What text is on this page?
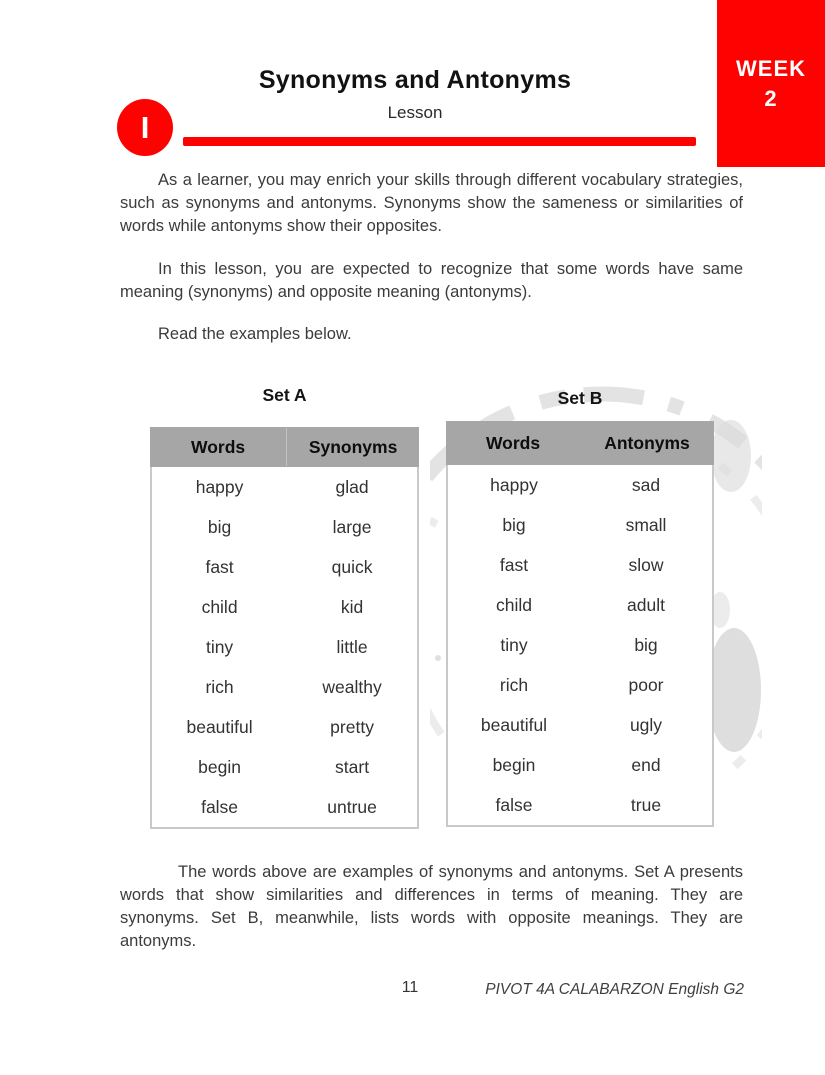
WEEK
2
Synonyms and Antonyms
Lesson
I

As a learner, you may enrich your skills through different vocabulary strategies, such as synonyms and antonyms. Synonyms show the sameness or similarities of words while antonyms show their opposites.

In this lesson, you are expected to recognize that some words have same meaning (synonyms) and opposite meaning (antonyms).

Read the examples below.

Set A
Words	Synonyms
happy	glad
big	large
fast	quick
child	kid
tiny	little
rich	wealthy
beautiful	pretty
begin	start
false	untrue
Set B
Words	Antonyms
happy	sad
big	small
fast	slow
child	adult
tiny	big
rich	poor
beautiful	ugly
begin	end
false	true
The words above are examples of synonyms and antonyms. Set A presents words that show similarities and differences in terms of meaning. They are synonyms. Set B, meanwhile, lists words with opposite meanings. They are antonyms.
11	PIVOT 4A CALABARZON English G2
